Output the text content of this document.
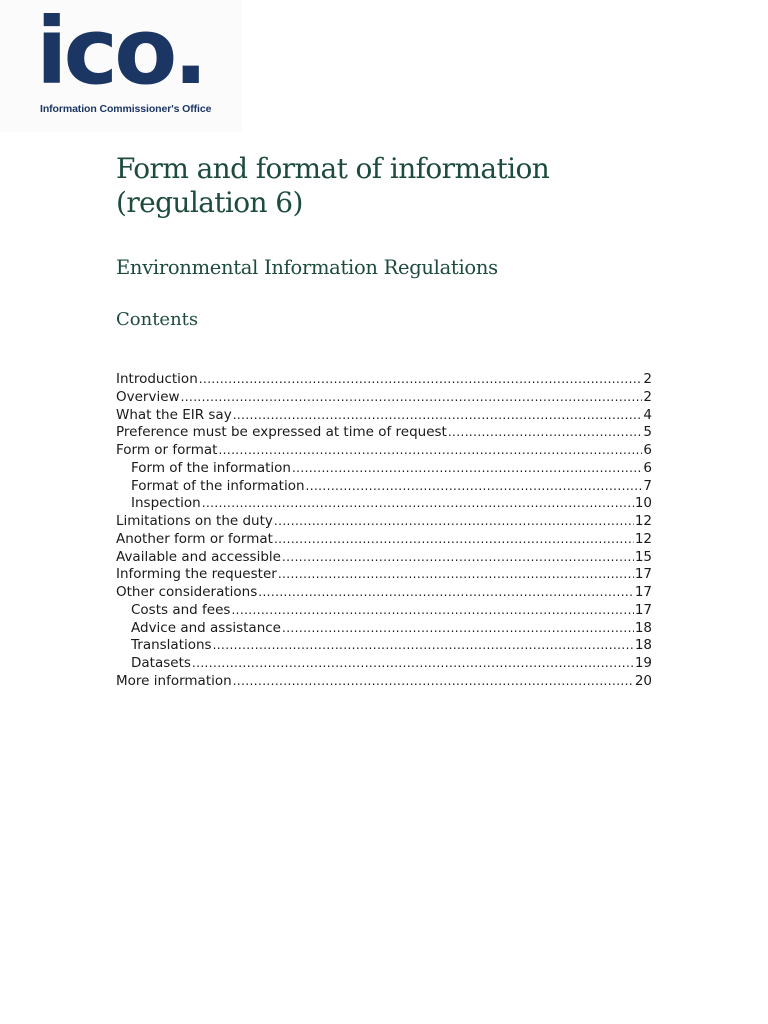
ico.
Information Commissioner's Office
Form and format of information (regulation 6)
Environmental Information Regulations
Contents
Introduction .....	2
Overview .....	2
What the EIR say .....	4
Preference must be expressed at time of request .....	5
Form or format .....	6
Form of the information .....	6
Format of the information .....	7
Inspection .....	10
Limitations on the duty .....	12
Another form or format .....	12
Available and accessible .....	15
Informing the requester .....	17
Other considerations .....	17
Costs and fees .....	17
Advice and assistance .....	18
Translations .....	18
Datasets .....	19
More information .....	20
